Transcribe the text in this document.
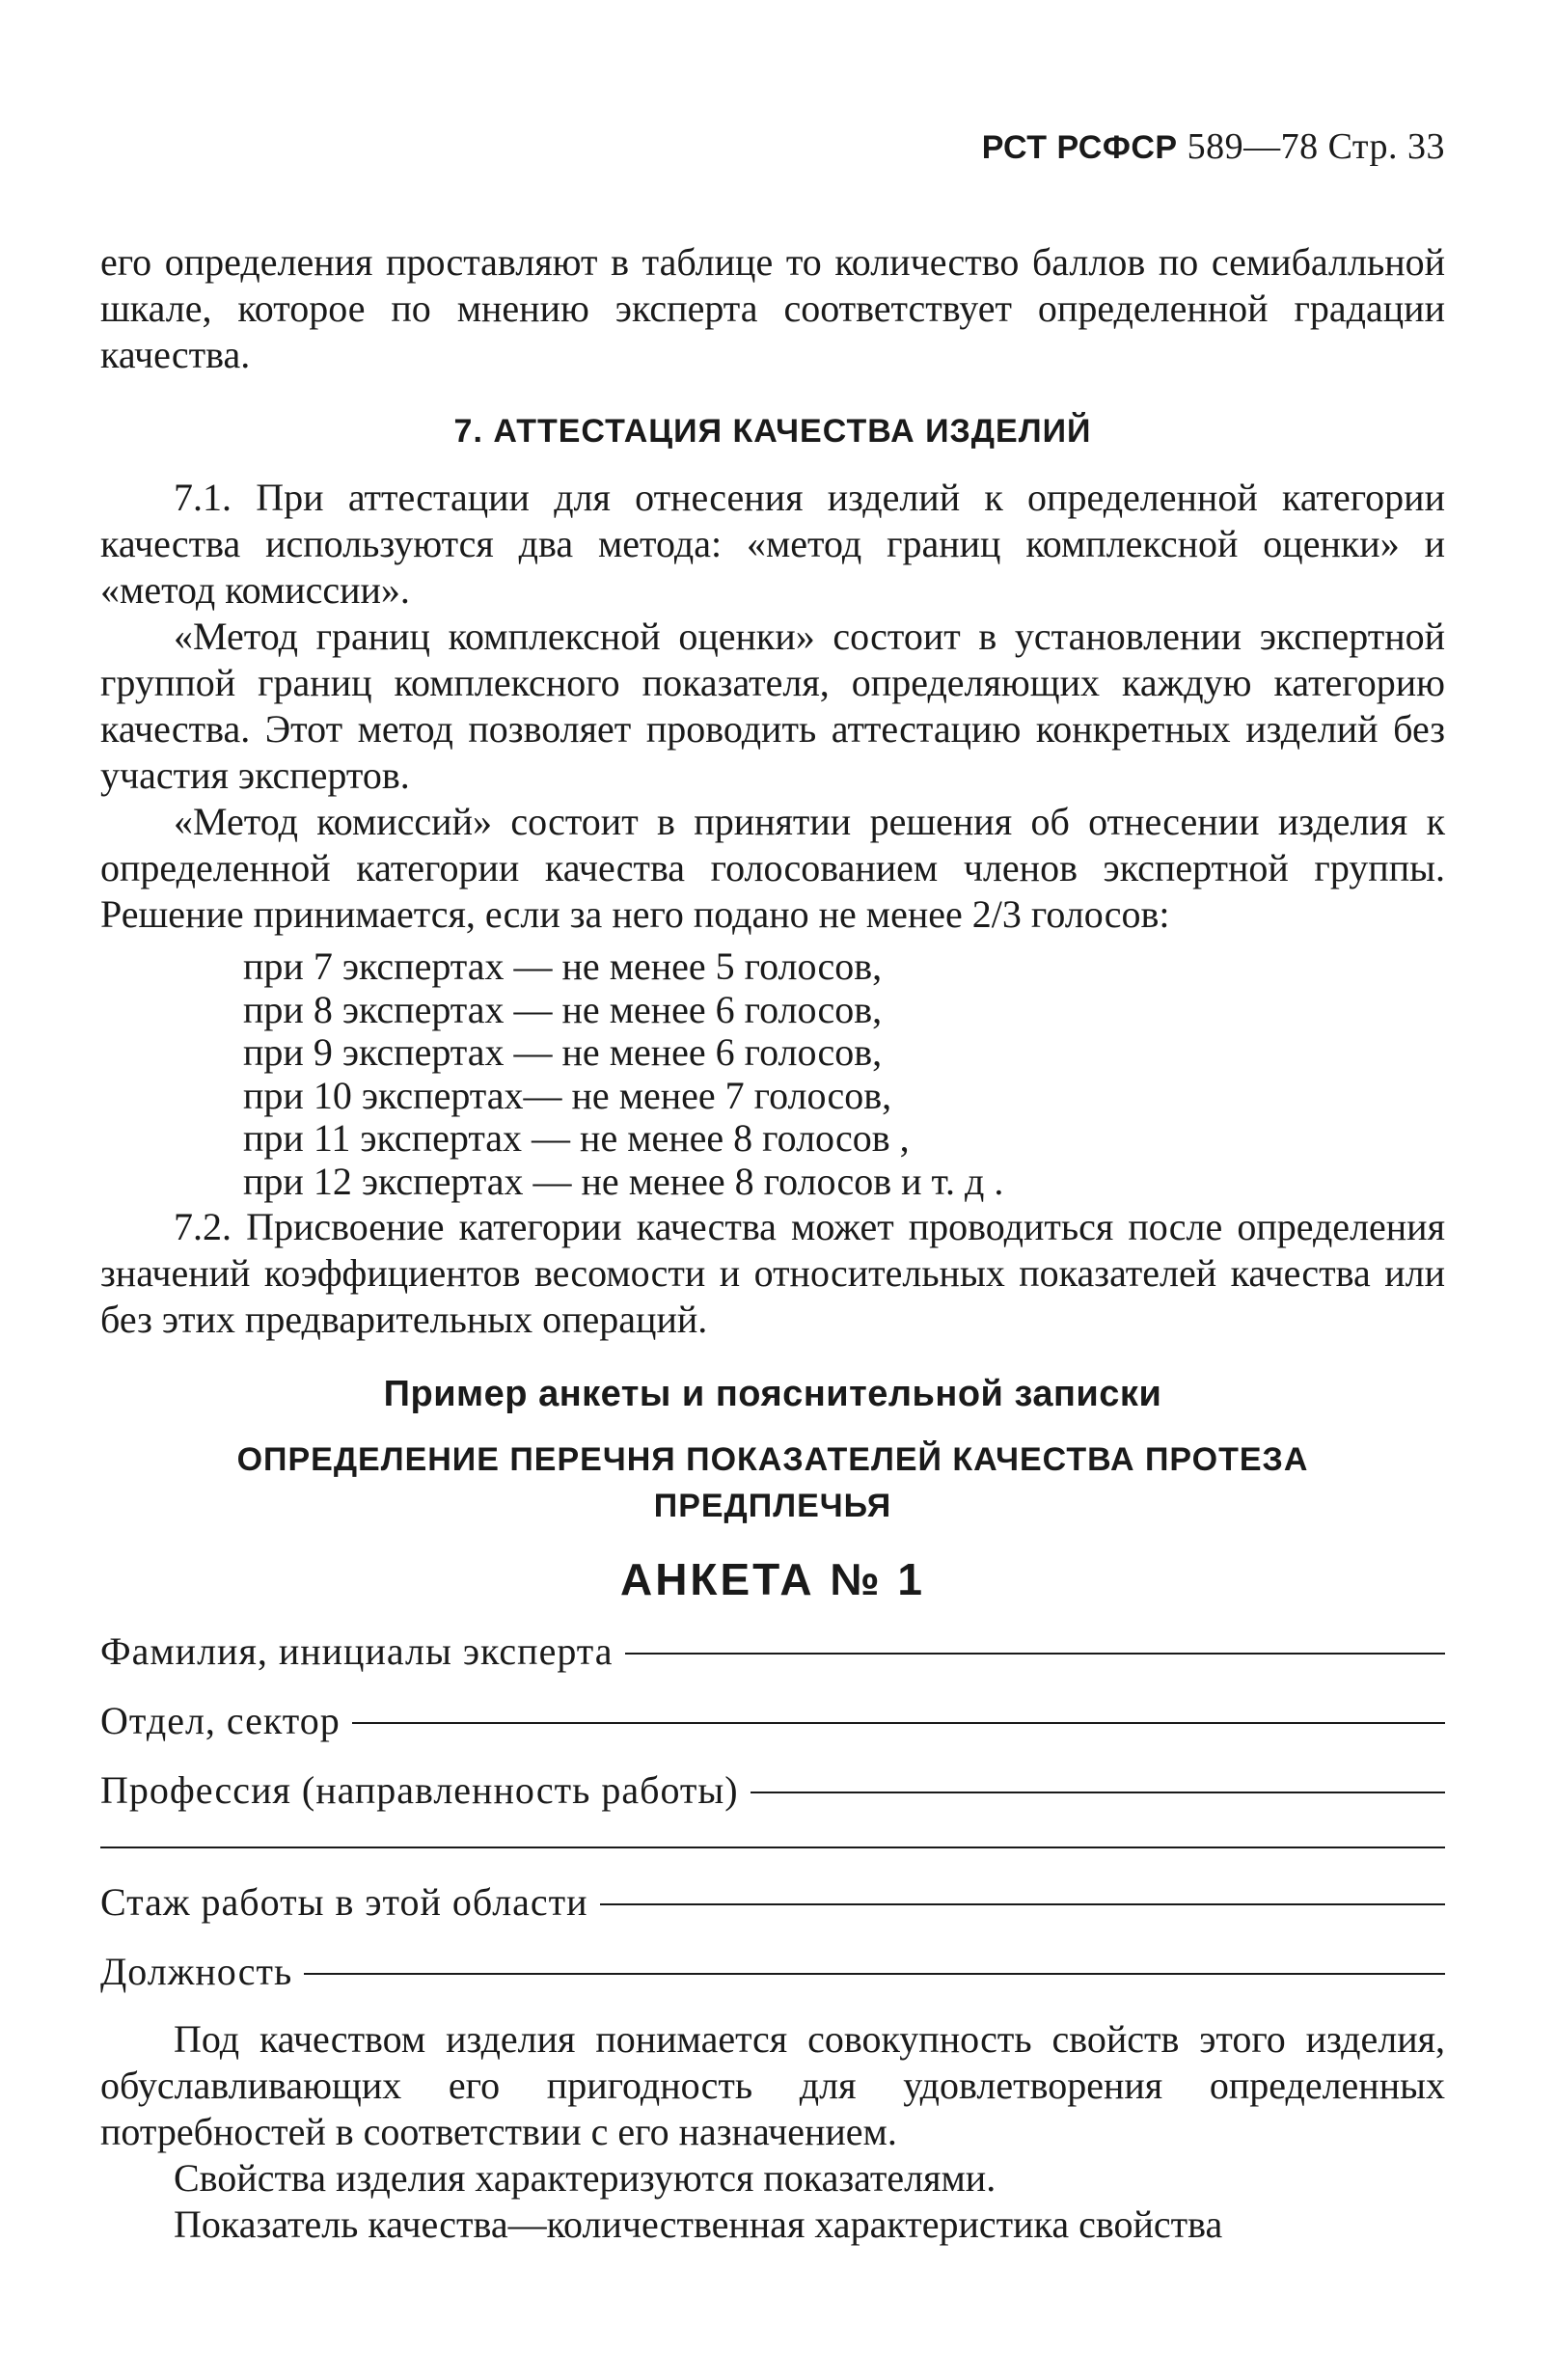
РСТ РСФСР 589—78 Стр. 33

его определения проставляют в таблице то количество баллов по семибалльной шкале, которое по мнению эксперта соответствует определенной градации качества.

7. АТТЕСТАЦИЯ КАЧЕСТВА ИЗДЕЛИЙ

7.1. При аттестации для отнесения изделий к определенной категории качества используются два метода: «метод границ комплексной оценки» и «метод комиссии».

«Метод границ комплексной оценки» состоит в установлении экспертной группой границ комплексного показателя, определяющих каждую категорию качества. Этот метод позволяет проводить аттестацию конкретных изделий без участия экспертов.

«Метод комиссий» состоит в принятии решения об отнесении изделия к определенной категории качества голосованием членов экспертной группы. Решение принимается, если за него подано не менее 2/3 голосов:

при 7 экспертах — не менее 5 голосов,
при 8 экспертах — не менее 6 голосов,
при 9 экспертах — не менее 6 голосов,
при 10 экспертах— не менее 7 голосов,
при 11 экспертах — не менее 8 голосов ,
при 12 экспертах — не менее 8 голосов и т. д .

7.2. Присвоение категории качества может проводиться после определения значений коэффициентов весомости и относительных показателей качества или без этих предварительных операций.

Пример анкеты и пояснительной записки
ОПРЕДЕЛЕНИЕ ПЕРЕЧНЯ ПОКАЗАТЕЛЕЙ КАЧЕСТВА ПРОТЕЗА
ПРЕДПЛЕЧЬЯ
АНКЕТА № 1
Фамилия, инициалы эксперта
Отдел, сектор
Профессия (направленность работы)
Стаж работы в этой области
Должность

Под качеством изделия понимается совокупность свойств этого изделия, обуславливающих его пригодность для удовлетворения определенных потребностей в соответствии с его назначением.

Свойства изделия характеризуются показателями.

Показатель качества—количественная характеристика свойства
